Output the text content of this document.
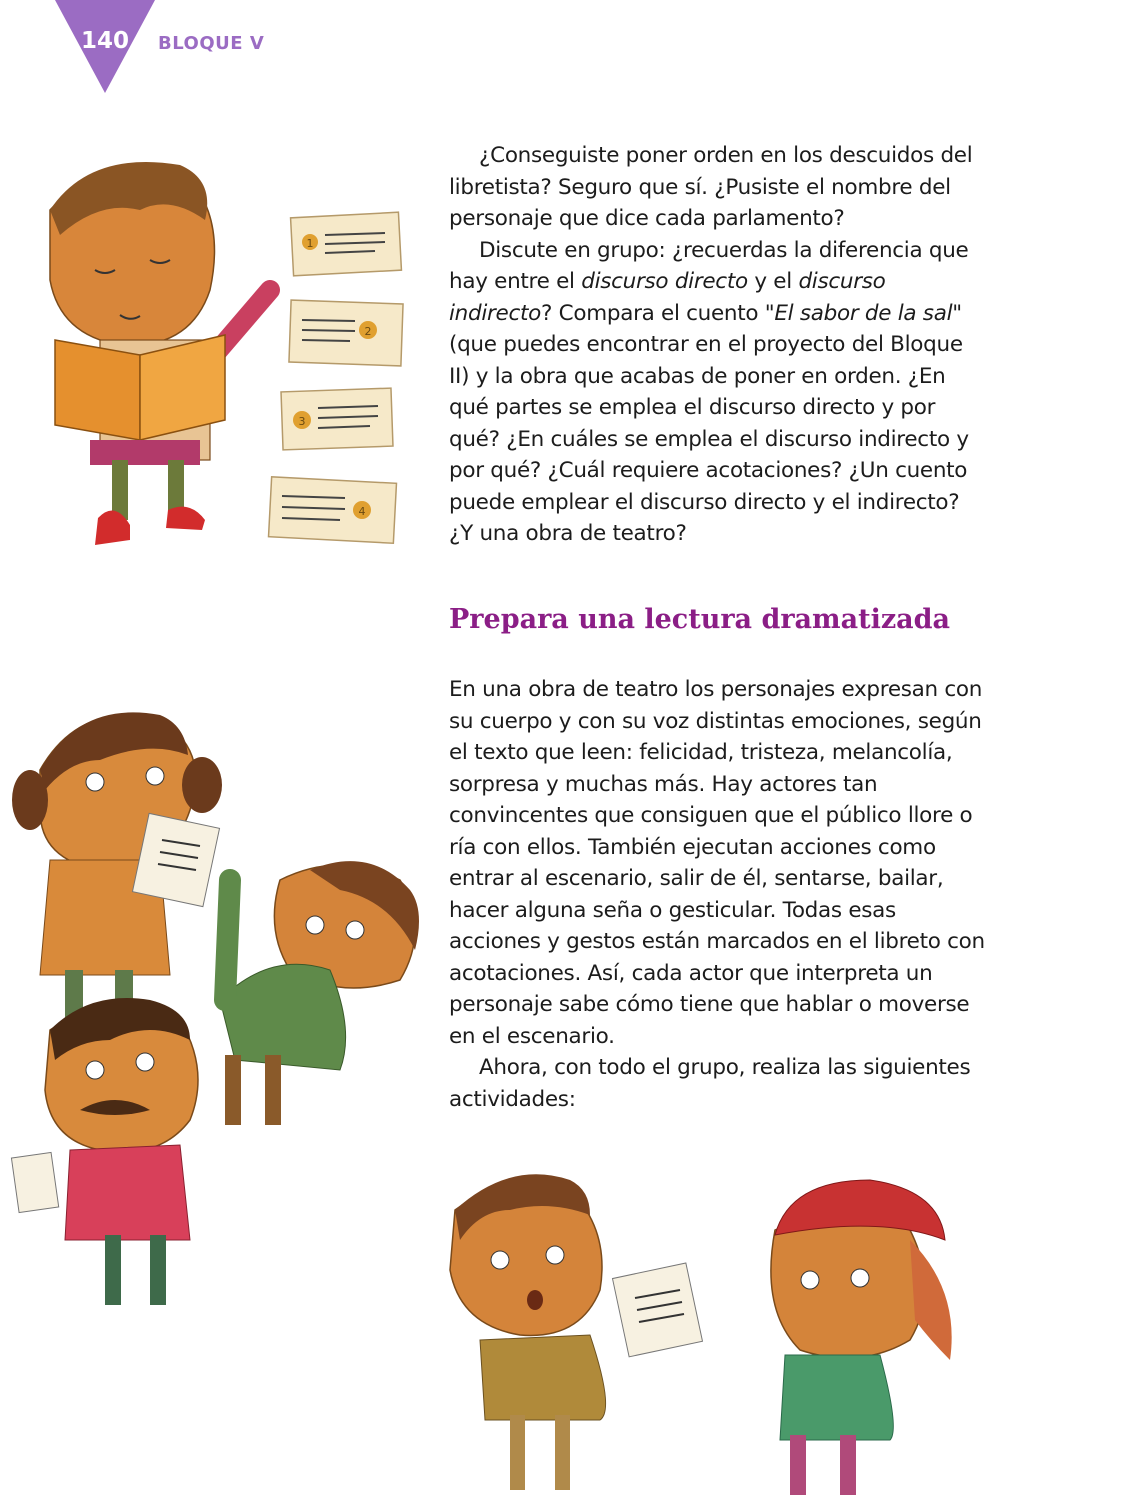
140	BLOQUE V

¿Conseguiste poner orden en los descuidos del libretista? Seguro que sí. ¿Pusiste el nombre del personaje que dice cada parlamento?

Discute en grupo: ¿recuerdas la diferencia que hay entre el discurso directo y el discurso indirecto? Compara el cuento "El sabor de la sal" (que puedes encontrar en el proyecto del Bloque II) y la obra que acabas de poner en orden. ¿En qué partes se emplea el discurso directo y por qué? ¿En cuáles se emplea el discurso indirecto y por qué? ¿Cuál requiere acotaciones? ¿Un cuento puede emplear el discurso directo y el indirecto? ¿Y una obra de teatro?

Prepara una lectura dramatizada

En una obra de teatro los personajes expresan con su cuerpo y con su voz distintas emociones, según el texto que leen: felicidad, tristeza, melancolía, sorpresa y muchas más. Hay actores tan convincentes que consiguen que el público llore o ría con ellos. También ejecutan acciones como entrar al escenario, salir de él, sentarse, bailar, hacer alguna seña o gesticular. Todas esas acciones y gestos están marcados en el libreto con acotaciones. Así, cada actor que interpreta un personaje sabe cómo tiene que hablar o moverse en el escenario.

Ahora, con todo el grupo, realiza las siguientes actividades:

1
2
3
4
